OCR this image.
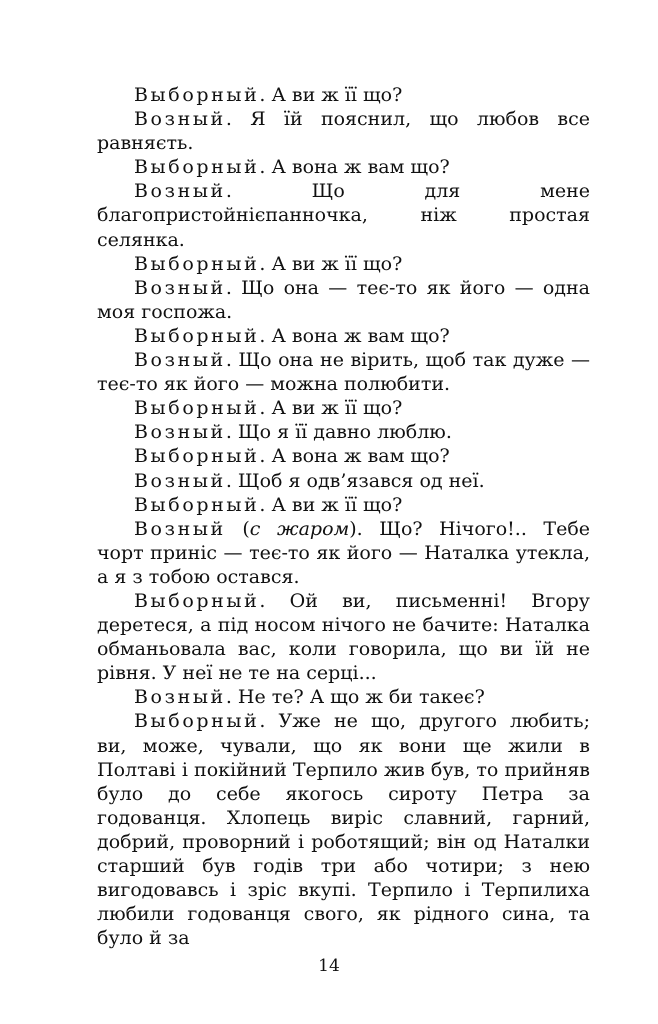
Выборный. А ви ж її що?

Возный. Я їй пояснил, що любов все равняєть.

Выборный. А вона ж вам що?

Возный. Що для мене благопристойнієпанночка, ніж простая селянка.

Выборный. А ви ж її що?

Возный. Що она — теє-то як його — одна моя госпожа.

Выборный. А вона ж вам що?

Возный. Що она не вірить, щоб так дуже — теє-то як його — можна полюбити.

Выборный. А ви ж її що?

Возный. Що я її давно люблю.

Выборный. А вона ж вам що?

Возный. Щоб я одв’язався од неї.

Выборный. А ви ж її що?

Возный (с жаром). Що? Нічого!.. Тебе чорт приніс — теє-то як його — Наталка утекла, а я з тобою остався.

Выборный. Ой ви, письменні! Вгору деретеся, а під носом нічого не бачите: Наталка обманьовала вас, коли говорила, що ви їй не рівня. У неї не те на серці...

Возный. Не те? А що ж би такеє?

Выборный. Уже не що, другого любить; ви, може, чували, що як вони ще жили в Полтаві і покійний Терпило жив був, то прийняв було до себе якогось сироту Петра за годованця. Хлопець виріс славний, гарний, добрий, проворний і роботящий; він од Наталки старший був годів три або чотири; з нею вигодовавсь і зріс вкупі. Терпило і Терпилиха любили годованця свого, як рідного сина, та було й за

14
